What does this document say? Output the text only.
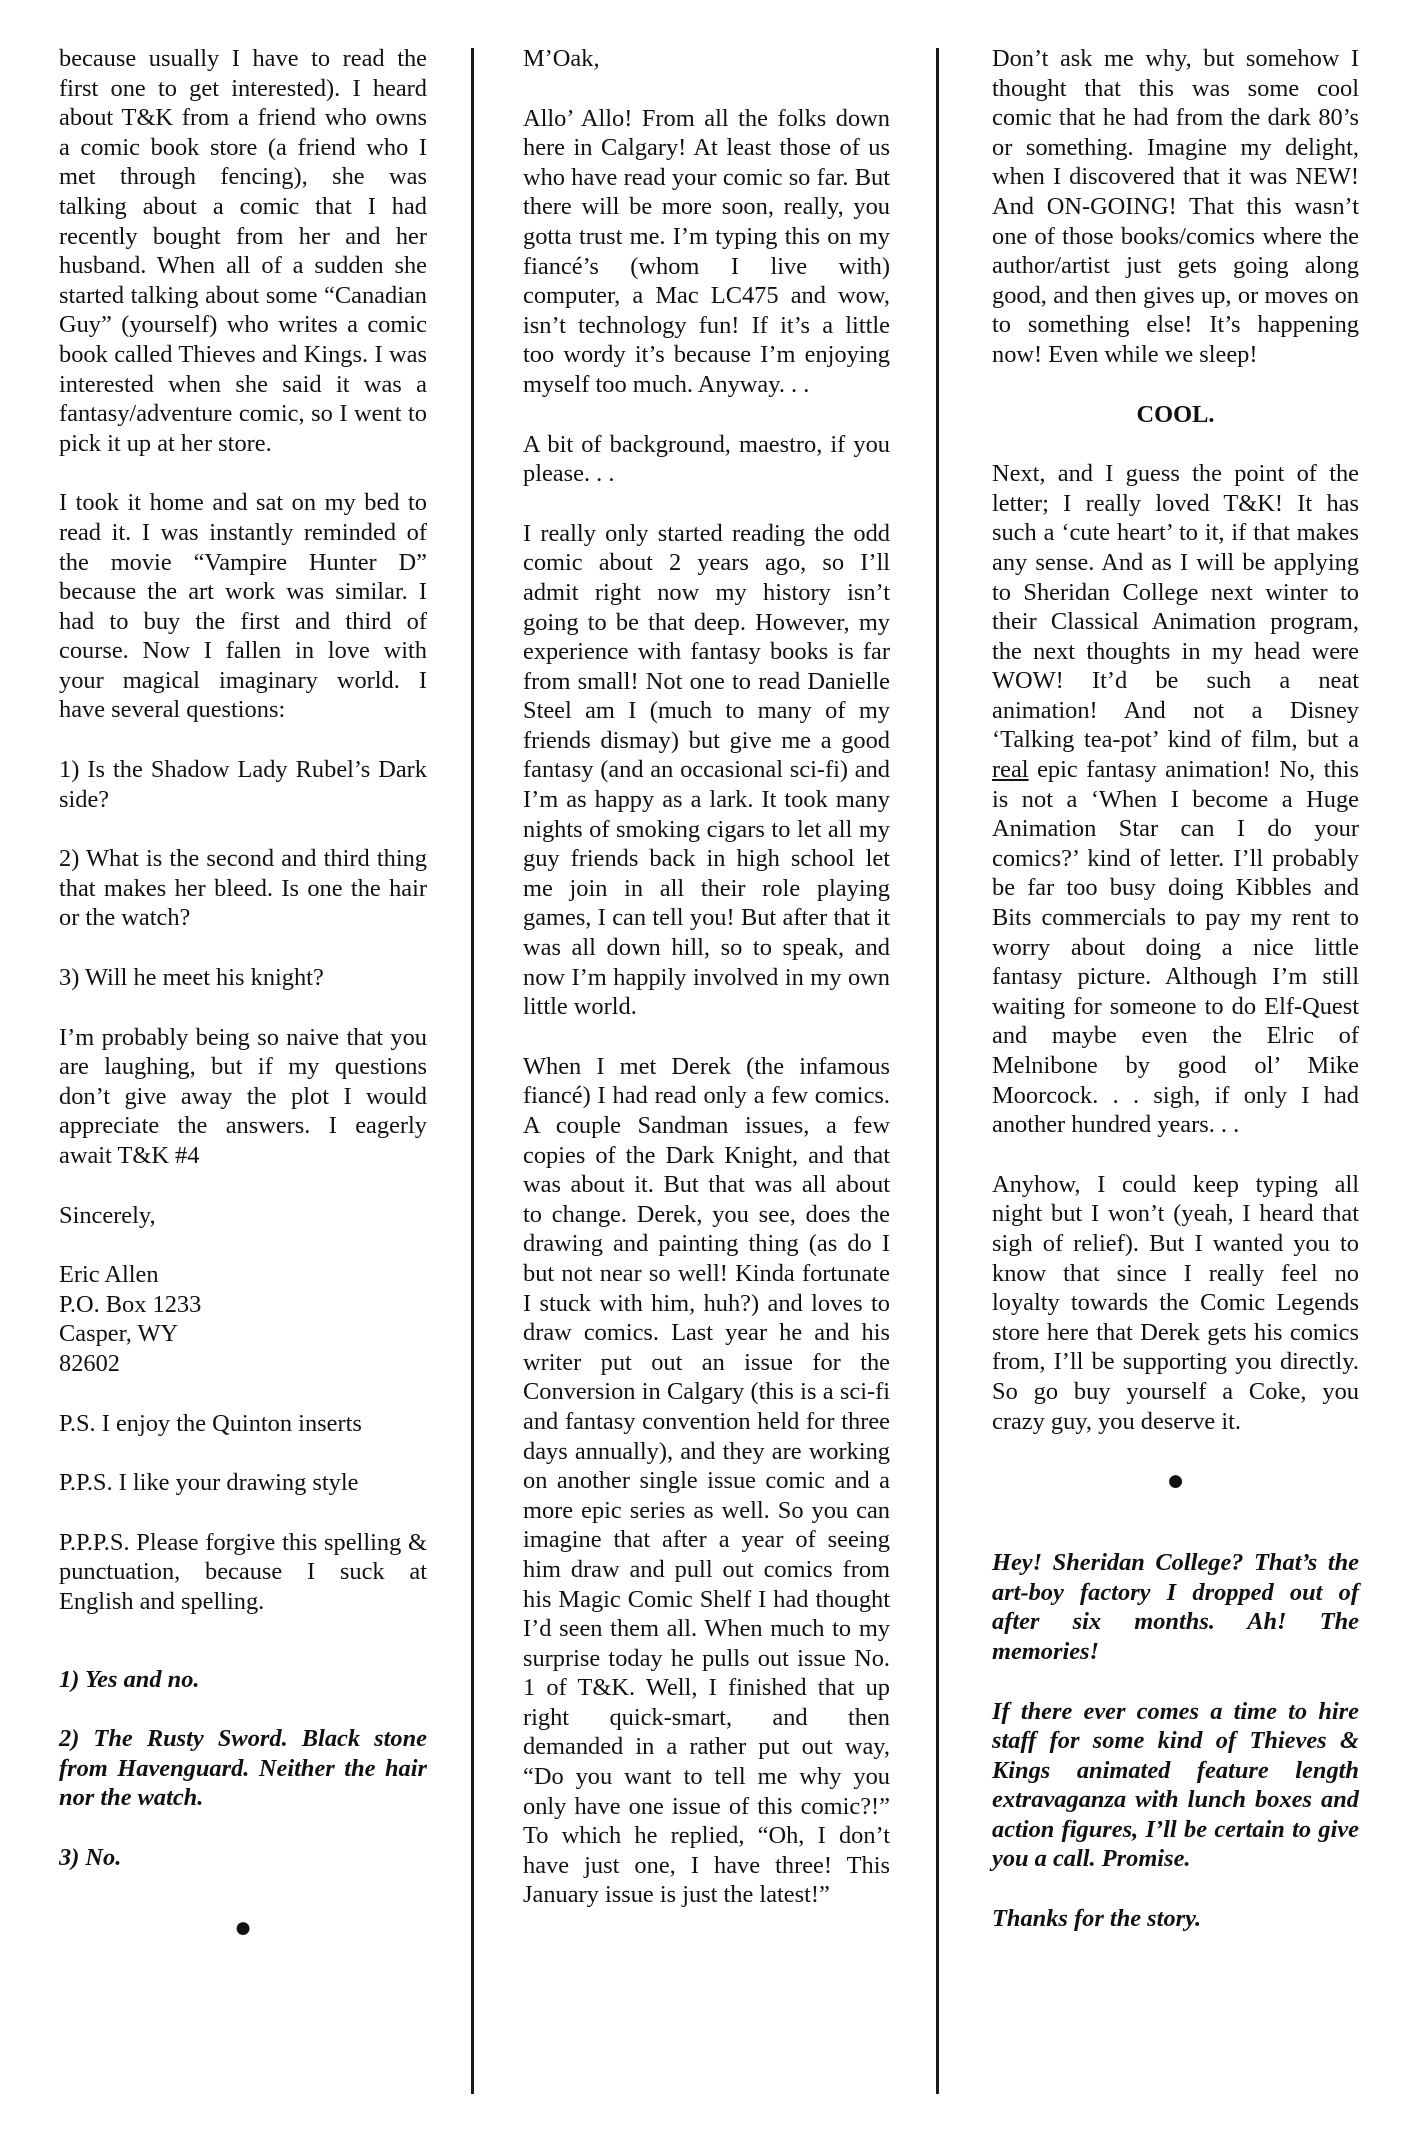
because usually I have to read the first one to get interested). I heard about T&K from a friend who owns a comic book store (a friend who I met through fencing), she was talking about a comic that I had recently bought from her and her husband. When all of a sudden she started talking about some “Canadian Guy” (yourself) who writes a comic book called Thieves and Kings. I was interested when she said it was a fantasy/adventure comic, so I went to pick it up at her store.

I took it home and sat on my bed to read it. I was instantly reminded of the movie “Vampire Hunter D” because the art work was similar. I had to buy the first and third of course. Now I fallen in love with your magical imaginary world. I have several questions:

1) Is the Shadow Lady Rubel’s Dark side?

2) What is the second and third thing that makes her bleed. Is one the hair or the watch?

3) Will he meet his knight?

I’m probably being so naive that you are laughing, but if my questions don’t give away the plot I would appreciate the answers. I eagerly await T&K #4

Sincerely,

Eric Allen

P.O. Box 1233

Casper, WY

82602

P.S. I enjoy the Quinton inserts

P.P.S. I like your drawing style

P.P.P.S. Please forgive this spelling & punctuation, because I suck at English and spelling.

1) Yes and no.

2) The Rusty Sword. Black stone from Havenguard. Neither the hair nor the watch.

3) No.

●

M’Oak,

Allo’ Allo! From all the folks down here in Calgary! At least those of us who have read your comic so far. But there will be more soon, really, you gotta trust me. I’m typing this on my fiancé’s (whom I live with) computer, a Mac LC475 and wow, isn’t technology fun! If it’s a little too wordy it’s because I’m enjoying myself too much. Anyway. . .

A bit of background, maestro, if you please. . .

I really only started reading the odd comic about 2 years ago, so I’ll admit right now my history isn’t going to be that deep. However, my experience with fantasy books is far from small! Not one to read Danielle Steel am I (much to many of my friends dismay) but give me a good fantasy (and an occasional sci-fi) and I’m as happy as a lark. It took many nights of smoking cigars to let all my guy friends back in high school let me join in all their role playing games, I can tell you! But after that it was all down hill, so to speak, and now I’m happily involved in my own little world.

When I met Derek (the infamous fiancé) I had read only a few comics. A couple Sandman issues, a few copies of the Dark Knight, and that was about it. But that was all about to change. Derek, you see, does the drawing and painting thing (as do I but not near so well! Kinda fortunate I stuck with him, huh?) and loves to draw comics. Last year he and his writer put out an issue for the Conversion in Calgary (this is a sci-fi and fantasy convention held for three days annually), and they are working on another single issue comic and a more epic series as well. So you can imagine that after a year of seeing him draw and pull out comics from his Magic Comic Shelf I had thought I’d seen them all. When much to my surprise today he pulls out issue No. 1 of T&K. Well, I finished that up right quick-smart, and then demanded in a rather put out way, “Do you want to tell me why you only have one issue of this comic?!” To which he replied, “Oh, I don’t have just one, I have three! This January issue is just the latest!”

Don’t ask me why, but somehow I thought that this was some cool comic that he had from the dark 80’s or something. Imagine my delight, when I discovered that it was NEW! And ON-GOING! That this wasn’t one of those books/comics where the author/artist just gets going along good, and then gives up, or moves on to something else! It’s happening now! Even while we sleep!

COOL.

Next, and I guess the point of the letter; I really loved T&K! It has such a ‘cute heart’ to it, if that makes any sense. And as I will be applying to Sheridan College next winter to their Classical Animation program, the next thoughts in my head were WOW! It’d be such a neat animation! And not a Disney ‘Talking tea-pot’ kind of film, but a real epic fantasy animation! No, this is not a ‘When I become a Huge Animation Star can I do your comics?’ kind of letter. I’ll probably be far too busy doing Kibbles and Bits commercials to pay my rent to worry about doing a nice little fantasy picture. Although I’m still waiting for someone to do Elf-Quest and maybe even the Elric of Melnibone by good ol’ Mike Moorcock. . . sigh, if only I had another hundred years. . .

Anyhow, I could keep typing all night but I won’t (yeah, I heard that sigh of relief). But I wanted you to know that since I really feel no loyalty towards the Comic Legends store here that Derek gets his comics from, I’ll be supporting you directly. So go buy yourself a Coke, you crazy guy, you deserve it.

●

Hey! Sheridan College? That’s the art-boy factory I dropped out of after six months. Ah! The memories!

If there ever comes a time to hire staff for some kind of Thieves & Kings animated feature length extravaganza with lunch boxes and action figures, I’ll be certain to give you a call. Promise.

Thanks for the story.
